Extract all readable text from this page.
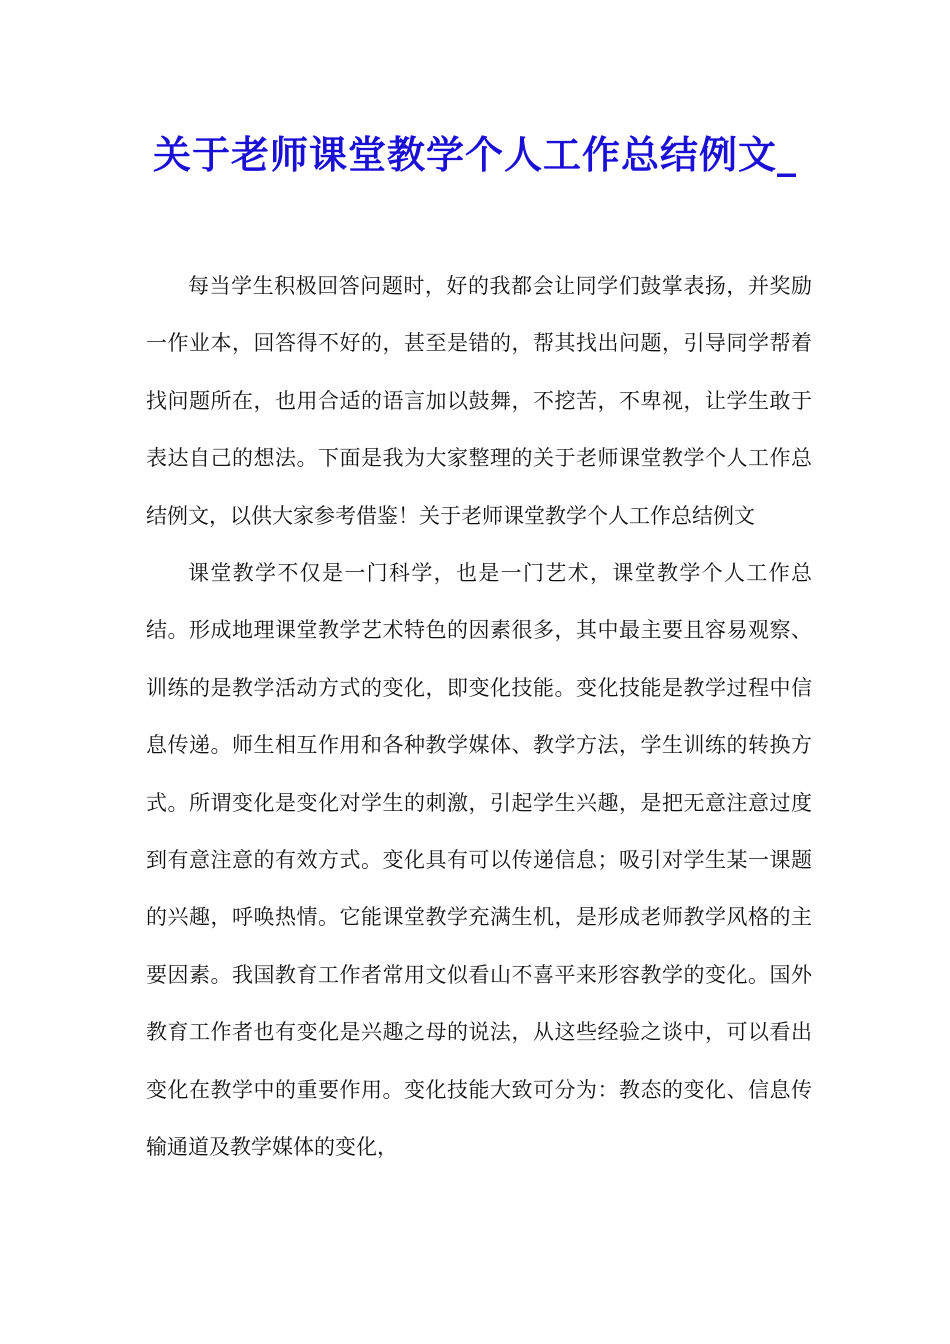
关于老师课堂教学个人工作总结例文_

每当学生积极回答问题时，好的我都会让同学们鼓掌表扬，并奖励一作业本，回答得不好的，甚至是错的，帮其找出问题，引导同学帮着找问题所在，也用合适的语言加以鼓舞，不挖苦，不卑视，让学生敢于表达自己的想法。下面是我为大家整理的关于老师课堂教学个人工作总结例文，以供大家参考借鉴！关于老师课堂教学个人工作总结例文

课堂教学不仅是一门科学，也是一门艺术，课堂教学个人工作总结。形成地理课堂教学艺术特色的因素很多，其中最主要且容易观察、训练的是教学活动方式的变化，即变化技能。变化技能是教学过程中信息传递。师生相互作用和各种教学媒体、教学方法，学生训练的转换方式。所谓变化是变化对学生的刺激，引起学生兴趣，是把无意注意过度到有意注意的有效方式。变化具有可以传递信息；吸引对学生某一课题的兴趣，呼唤热情。它能课堂教学充满生机，是形成老师教学风格的主要因素。我国教育工作者常用文似看山不喜平来形容教学的变化。国外教育工作者也有变化是兴趣之母的说法，从这些经验之谈中，可以看出变化在教学中的重要作用。变化技能大致可分为：教态的变化、信息传输通道及教学媒体的变化，
